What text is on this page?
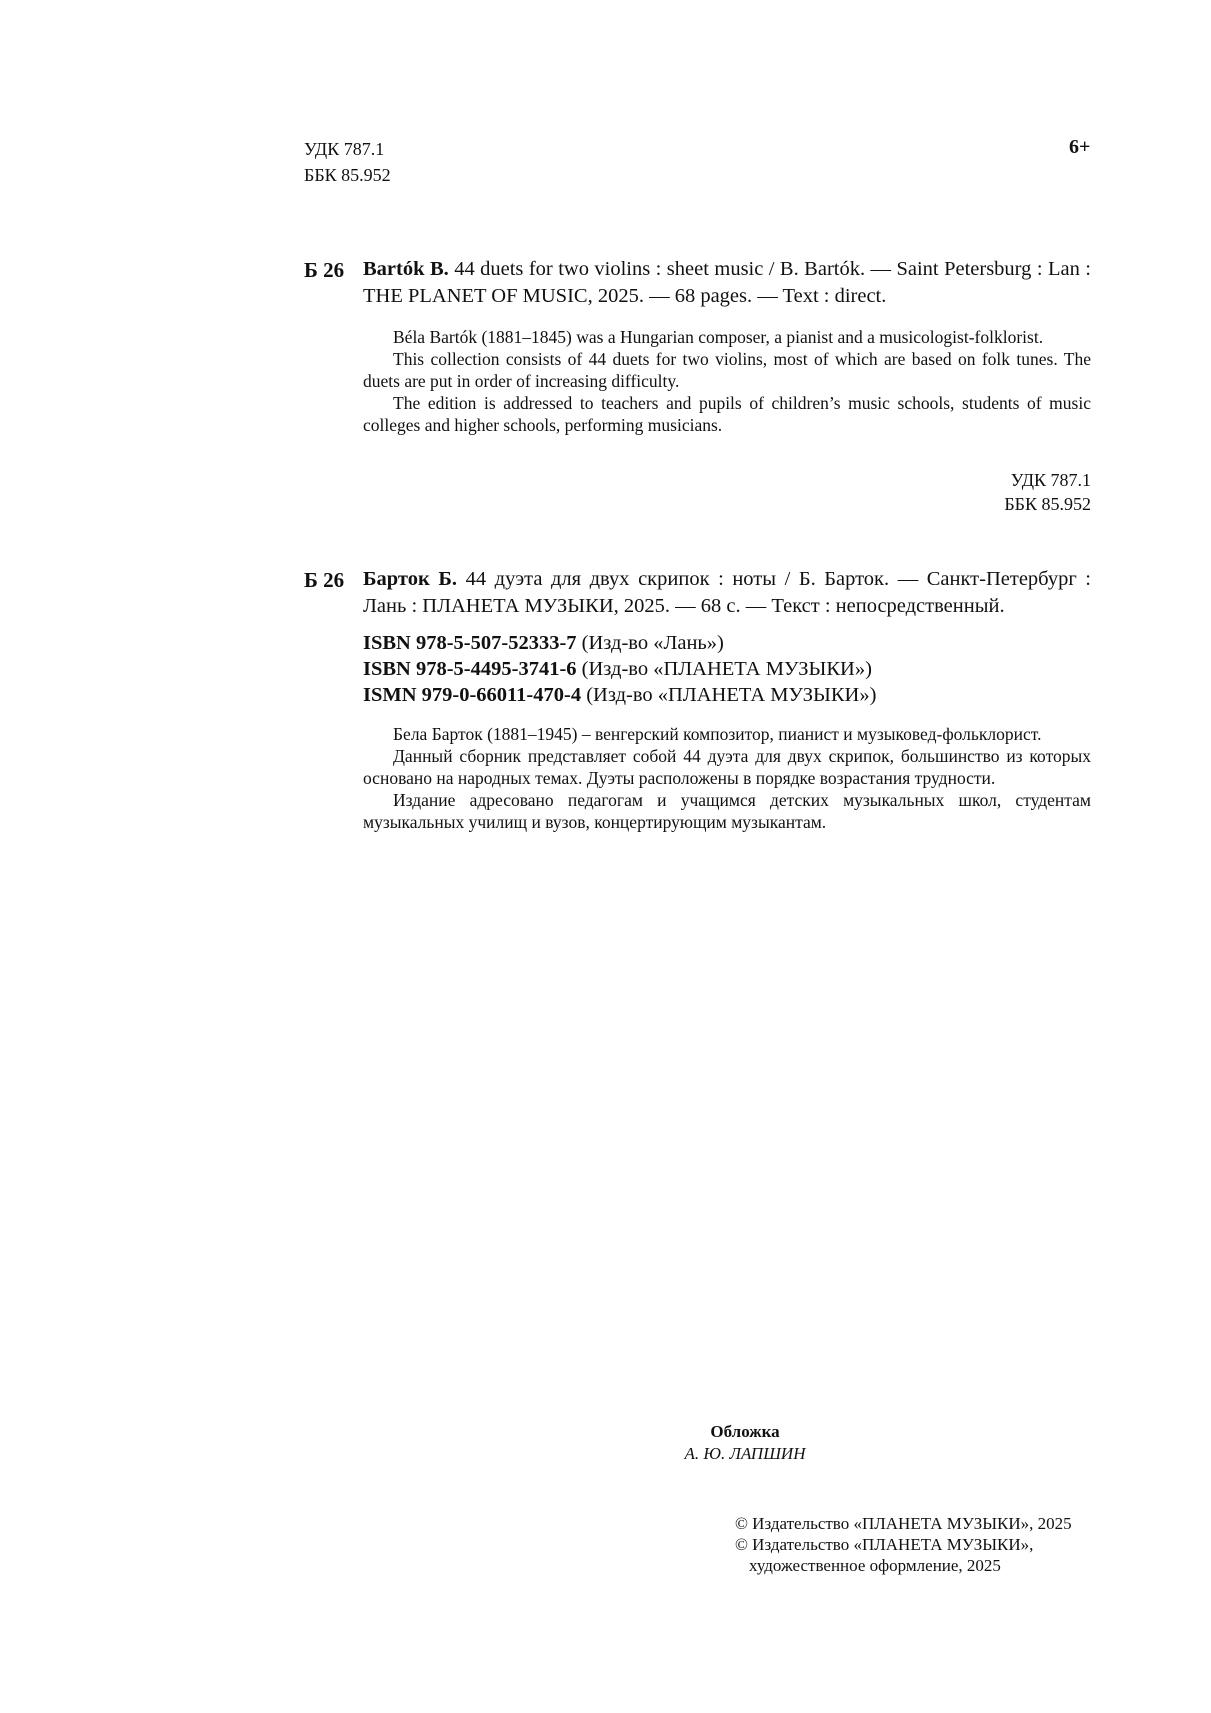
УДК 787.1
ББК 85.952
6+
Б 26 Bartók B. 44 duets for two violins : sheet music / B. Bartók. — Saint Petersburg : Lan : THE PLANET OF MUSIC, 2025. — 68 pages. — Text : direct.

Béla Bartók (1881–1845) was a Hungarian composer, a pianist and a musicologist-folklorist.

This collection consists of 44 duets for two violins, most of which are based on folk tunes. The duets are put in order of increasing difficulty.

The edition is addressed to teachers and pupils of children’s music schools, students of music colleges and higher schools, performing musicians.

УДК 787.1
ББК 85.952
Б 26 Барток Б. 44 дуэта для двух скрипок : ноты / Б. Барток. — Санкт-Петербург : Лань : ПЛАНЕТА МУЗЫКИ, 2025. — 68 с. — Текст : непосредственный.
ISBN 978-5-507-52333-7 (Изд-во «Лань»)
ISBN 978-5-4495-3741-6 (Изд-во «ПЛАНЕТА МУЗЫКИ»)
ISMN 979-0-66011-470-4 (Изд-во «ПЛАНЕТА МУЗЫКИ»)

Бела Барток (1881–1945) – венгерский композитор, пианист и музыковед-фольклорист.

Данный сборник представляет собой 44 дуэта для двух скрипок, большинство из которых основано на народных темах. Дуэты расположены в порядке возрастания трудности.

Издание адресовано педагогам и учащимся детских музыкальных школ, студентам музыкальных училищ и вузов, концертирующим музыкантам.

Обложка
А. Ю. ЛАПШИН
© Издательство «ПЛАНЕТА МУЗЫКИ», 2025
© Издательство «ПЛАНЕТА МУЗЫКИ»,
художественное оформление, 2025
